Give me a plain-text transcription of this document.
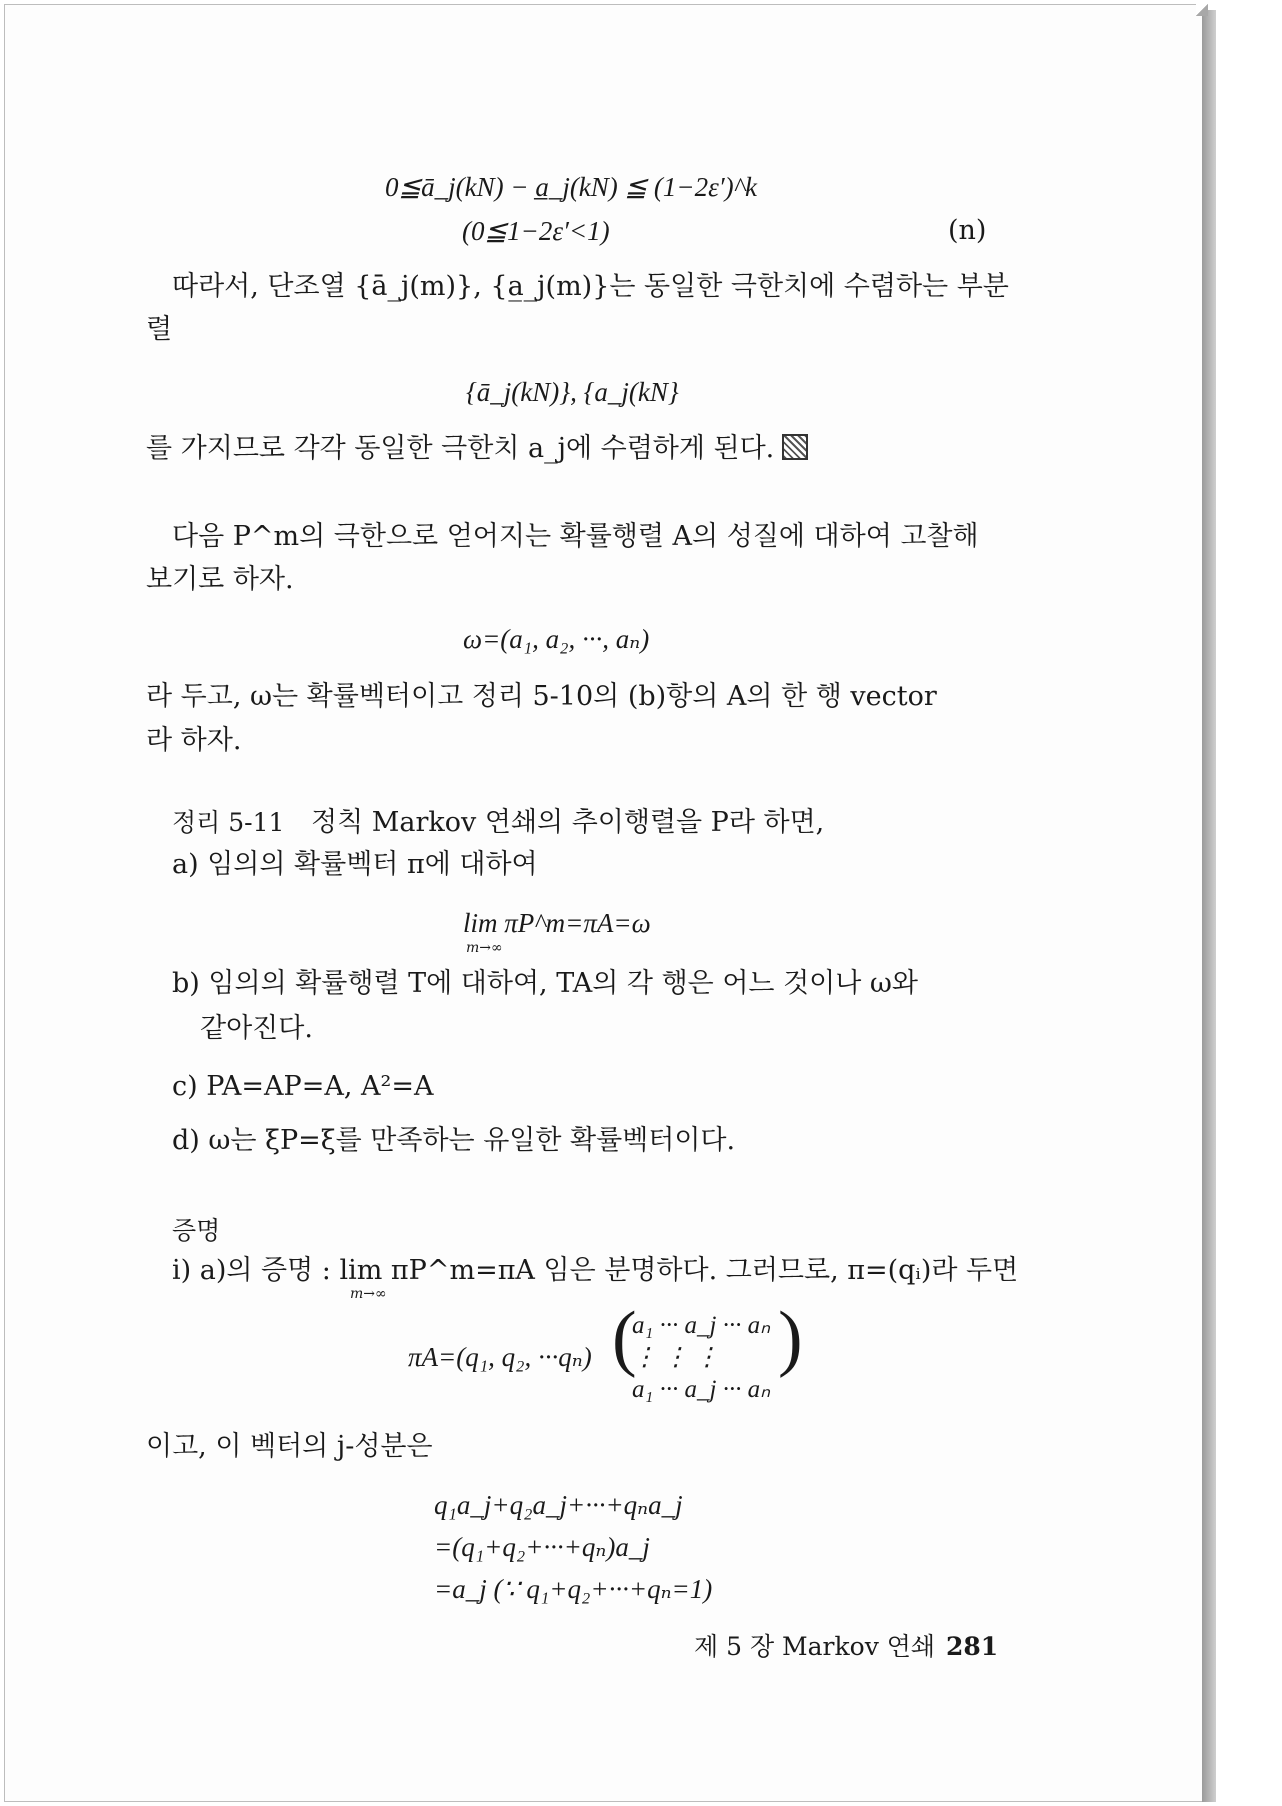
0≦ā_j(kN) − a̲_j(kN) ≦ (1−2ε′)^k
(0≦1−2ε′<1)	(n)
따라서, 단조열 {ā_j(m)}, {a̲_j(m)}는 동일한 극한치에 수렴하는 부분
렬
{ā_j(kN)}, {a_j(kN}
를 가지므로 각각 동일한 극한치 a_j에 수렴하게 된다.
다음 P^m의 극한으로 얻어지는 확률행렬 A의 성질에 대하여 고찰해
보기로 하자.
ω=(a₁, a₂, ···, aₙ)
라 두고, ω는 확률벡터이고 정리 5-10의 (b)항의 A의 한 행 vector
라 하자.
정리 5-11 정칙 Markov 연쇄의 추이행렬을 P라 하면,
a) 임의의 확률벡터 π에 대하여
lim πP^m=πA=ω
m→∞
b) 임의의 확률행렬 T에 대하여, TA의 각 행은 어느 것이나 ω와
같아진다.
c) PA=AP=A, A²=A
d) ω는 ξP=ξ를 만족하는 유일한 확률벡터이다.
증명
i) a)의 증명 : lim πP^m=πA 임은 분명하다. 그러므로, π=(qᵢ)라 두면
m→∞
πA=(q₁, q₂, ···qₙ) (
a₁ ··· a_j ··· aₙ
⋮ ⋮ ⋮
a₁ ··· a_j ··· aₙ
)
이고, 이 벡터의 j-성분은
q₁a_j+q₂a_j+···+qₙa_j
=(q₁+q₂+···+qₙ)a_j
=a_j (∵ q₁+q₂+···+qₙ=1)
제 5 장 Markov 연쇄 281
